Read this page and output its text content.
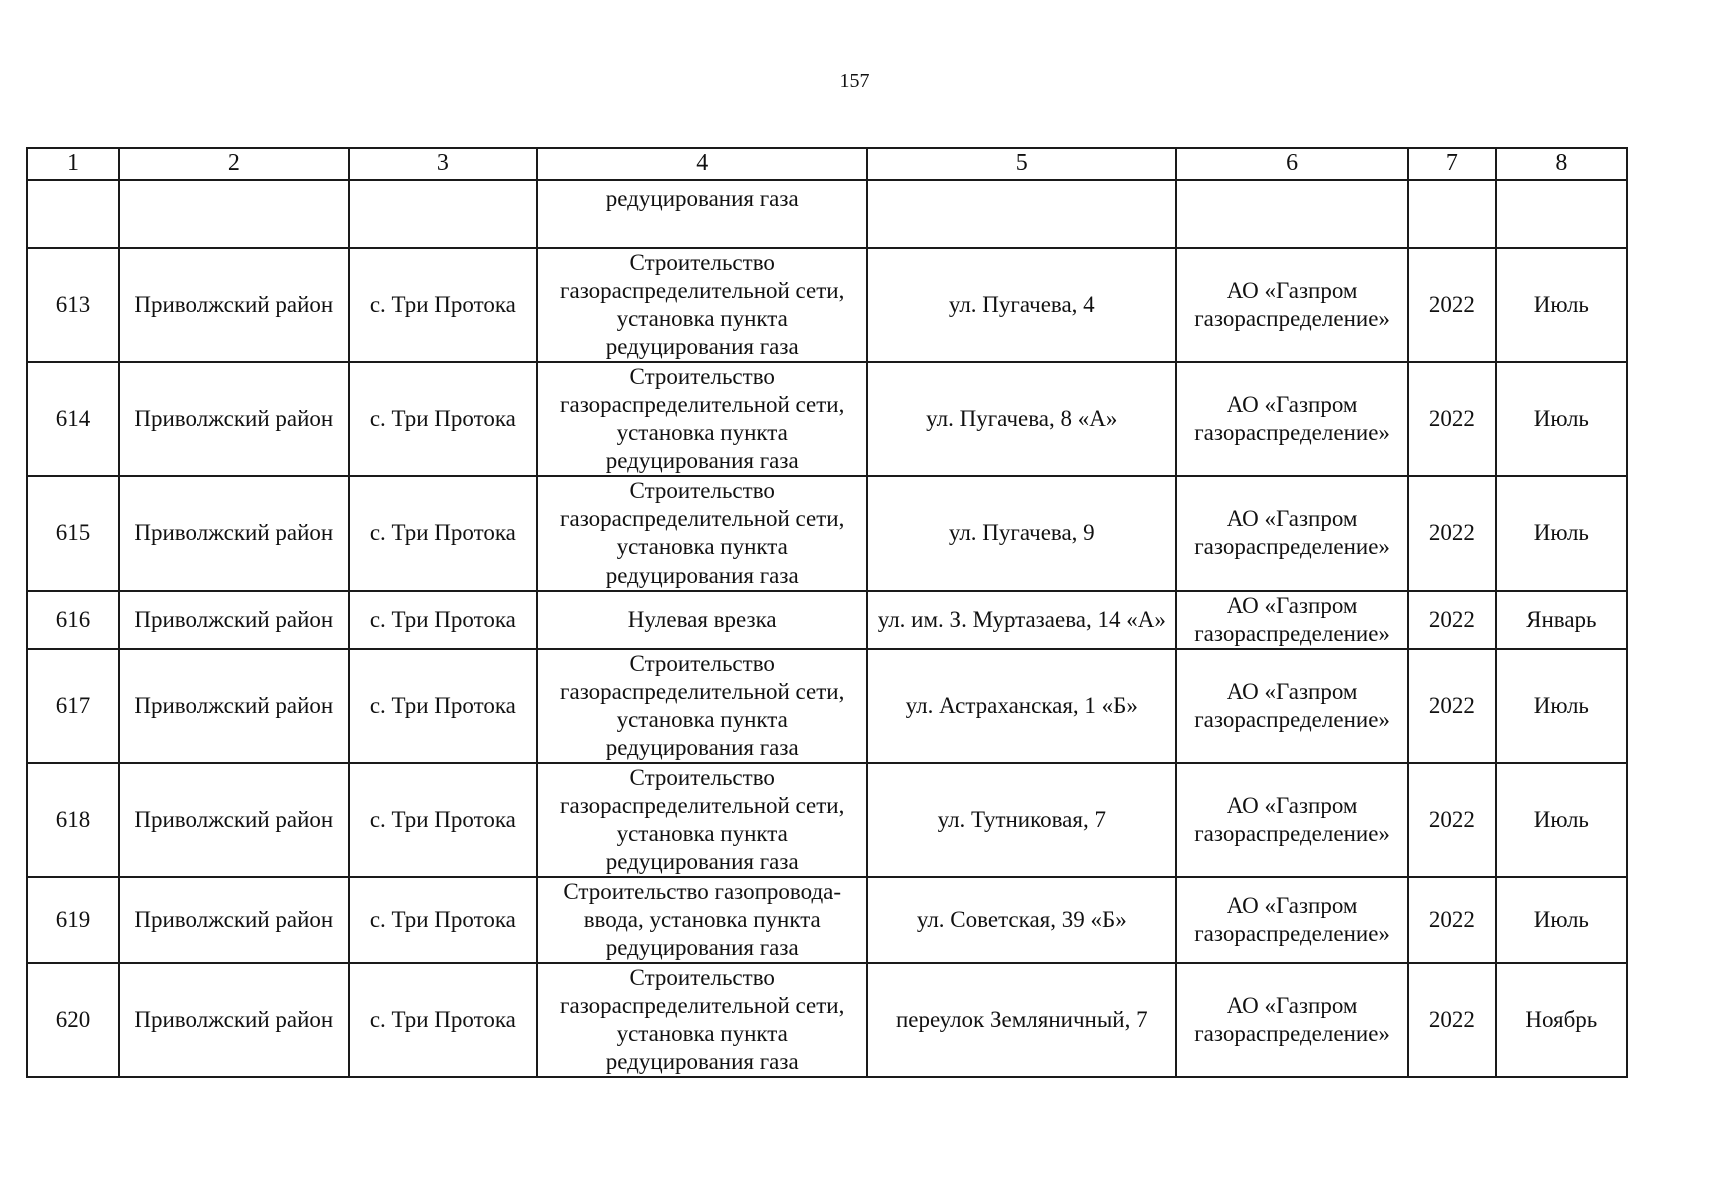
157
1	2	3	4	5	6	7	8
			редуцирования газа				
613	Приволжский район	с. Три Протока	Строительство газораспределительной сети, установка пункта редуцирования газа	ул. Пугачева, 4	АО «Газпром газораспределение»	2022	Июль
614	Приволжский район	с. Три Протока	Строительство газораспределительной сети, установка пункта редуцирования газа	ул. Пугачева, 8 «А»	АО «Газпром газораспределение»	2022	Июль
615	Приволжский район	с. Три Протока	Строительство газораспределительной сети, установка пункта редуцирования газа	ул. Пугачева, 9	АО «Газпром газораспределение»	2022	Июль
616	Приволжский район	с. Три Протока	Нулевая врезка	ул. им. З. Муртазаева, 14 «А»	АО «Газпром газораспределение»	2022	Январь
617	Приволжский район	с. Три Протока	Строительство газораспределительной сети, установка пункта редуцирования газа	ул. Астраханская, 1 «Б»	АО «Газпром газораспределение»	2022	Июль
618	Приволжский район	с. Три Протока	Строительство газораспределительной сети, установка пункта редуцирования газа	ул. Тутниковая, 7	АО «Газпром газораспределение»	2022	Июль
619	Приволжский район	с. Три Протока	Строительство газопровода-ввода, установка пункта редуцирования газа	ул. Советская, 39 «Б»	АО «Газпром газораспределение»	2022	Июль
620	Приволжский район	с. Три Протока	Строительство газораспределительной сети, установка пункта редуцирования газа	переулок Земляничный, 7	АО «Газпром газораспределение»	2022	Ноябрь
